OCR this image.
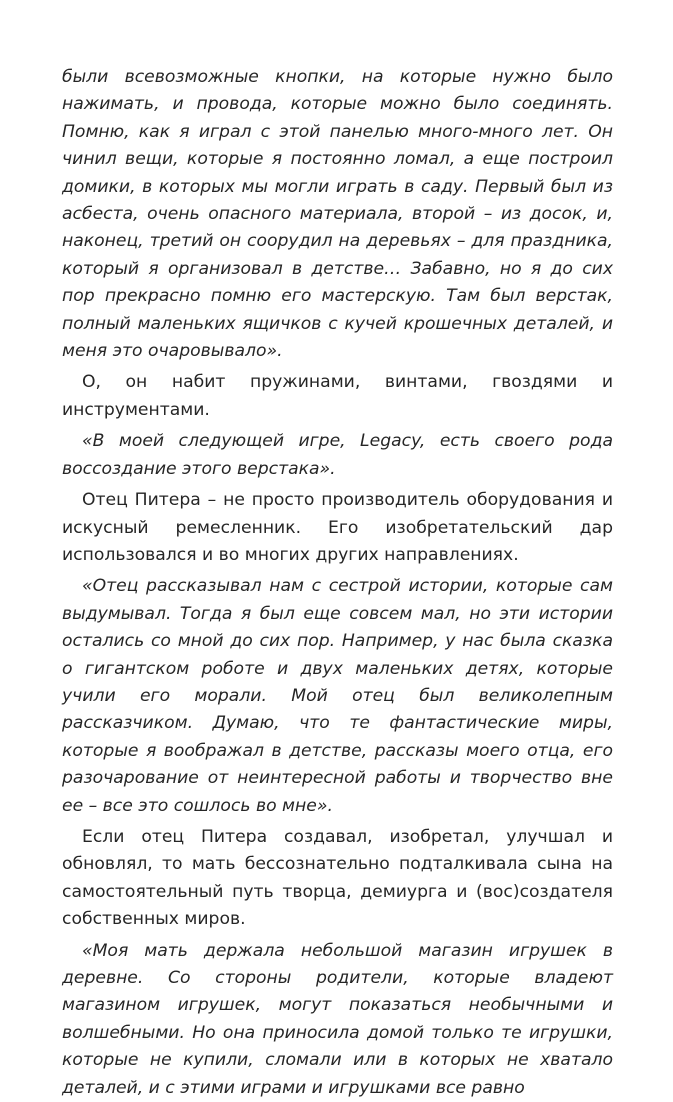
были всевозможные кнопки, на которые нужно было нажимать, и провода, которые можно было соединять. Помню, как я играл с этой панелью много-много лет. Он чинил вещи, которые я постоянно ломал, а еще построил домики, в которых мы могли играть в саду. Первый был из асбеста, очень опасного материала, второй – из досок, и, наконец, третий он соорудил на деревьях – для праздника, который я организовал в детстве… Забавно, но я до сих пор прекрасно помню его мастерскую. Там был верстак, полный маленьких ящичков с кучей крошечных деталей, и меня это очаровывало».

О, он набит пружинами, винтами, гвоздями и инструментами.

«В моей следующей игре, Legacy, есть своего рода воссоздание этого верстака».

Отец Питера – не просто производитель оборудования и искусный ремесленник. Его изобретательский дар использовался и во многих других направлениях.

«Отец рассказывал нам с сестрой истории, которые сам выдумывал. Тогда я был еще совсем мал, но эти истории остались со мной до сих пор. Например, у нас была сказка о гигантском роботе и двух маленьких детях, которые учили его морали. Мой отец был великолепным рассказчиком. Думаю, что те фантастические миры, которые я воображал в детстве, рассказы моего отца, его разочарование от неинтересной работы и творчество вне ее – все это сошлось во мне».

Если отец Питера создавал, изобретал, улучшал и обновлял, то мать бессознательно подталкивала сына на самостоятельный путь творца, демиурга и (вос)создателя собственных миров.

«Моя мать держала небольшой магазин игрушек в деревне. Со стороны родители, которые владеют магазином игрушек, могут показаться необычными и волшебными. Но она приносила домой только те игрушки, которые не купили, сломали или в которых не хватало деталей, и с этими играми и игрушками все равно
